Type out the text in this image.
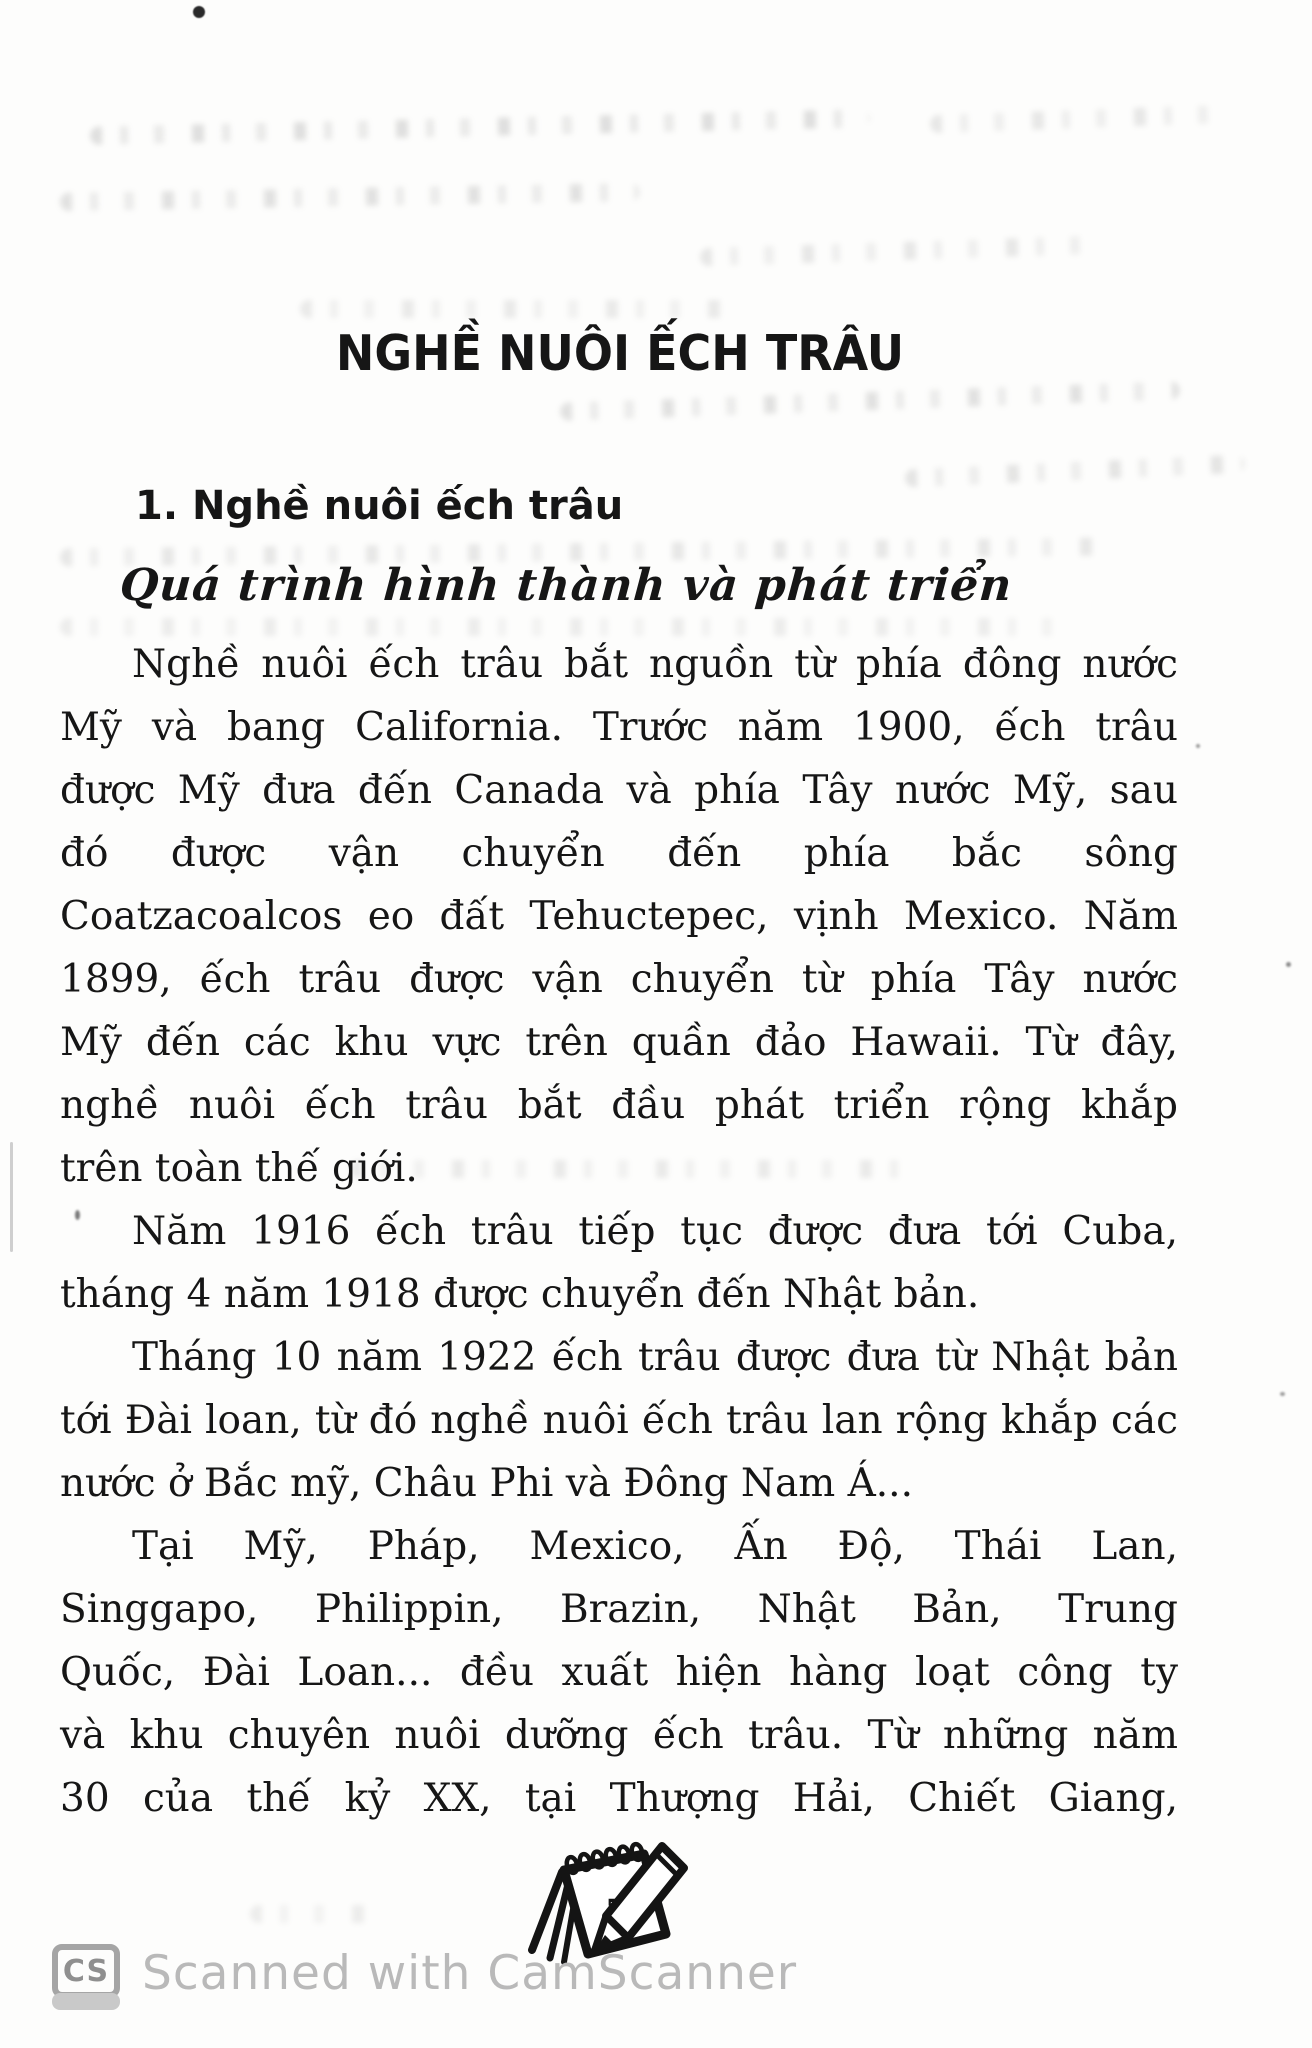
NGHỀ NUÔI ẾCH TRÂU
1. Nghề nuôi ếch trâu
Quá trình hình thành và phát triển
Nghề nuôi ếch trâu bắt nguồn từ phía đông nước
Mỹ và bang California. Trước năm 1900, ếch trâu
được Mỹ đưa đến Canada và phía Tây nước Mỹ, sau
đó được vận chuyển đến phía bắc sông
Coatzacoalcos eo đất Tehuctepec, vịnh Mexico. Năm
1899, ếch trâu được vận chuyển từ phía Tây nước
Mỹ đến các khu vực trên quần đảo Hawaii. Từ đây,
nghề nuôi ếch trâu bắt đầu phát triển rộng khắp
trên toàn thế giới.
Năm 1916 ếch trâu tiếp tục được đưa tới Cuba,
tháng 4 năm 1918 được chuyển đến Nhật bản.
Tháng 10 năm 1922 ếch trâu được đưa từ Nhật bản
tới Đài loan, từ đó nghề nuôi ếch trâu lan rộng khắp các
nước ở Bắc mỹ, Châu Phi và Đông Nam Á...
Tại Mỹ, Pháp, Mexico, Ấn Độ, Thái Lan,
Singgapo, Philippin, Brazin, Nhật Bản, Trung
Quốc, Đài Loan... đều xuất hiện hàng loạt công ty
và khu chuyên nuôi dưỡng ếch trâu. Từ những năm
30 của thế kỷ XX, tại Thượng Hải, Chiết Giang,
CS Scanned with CamScanner
